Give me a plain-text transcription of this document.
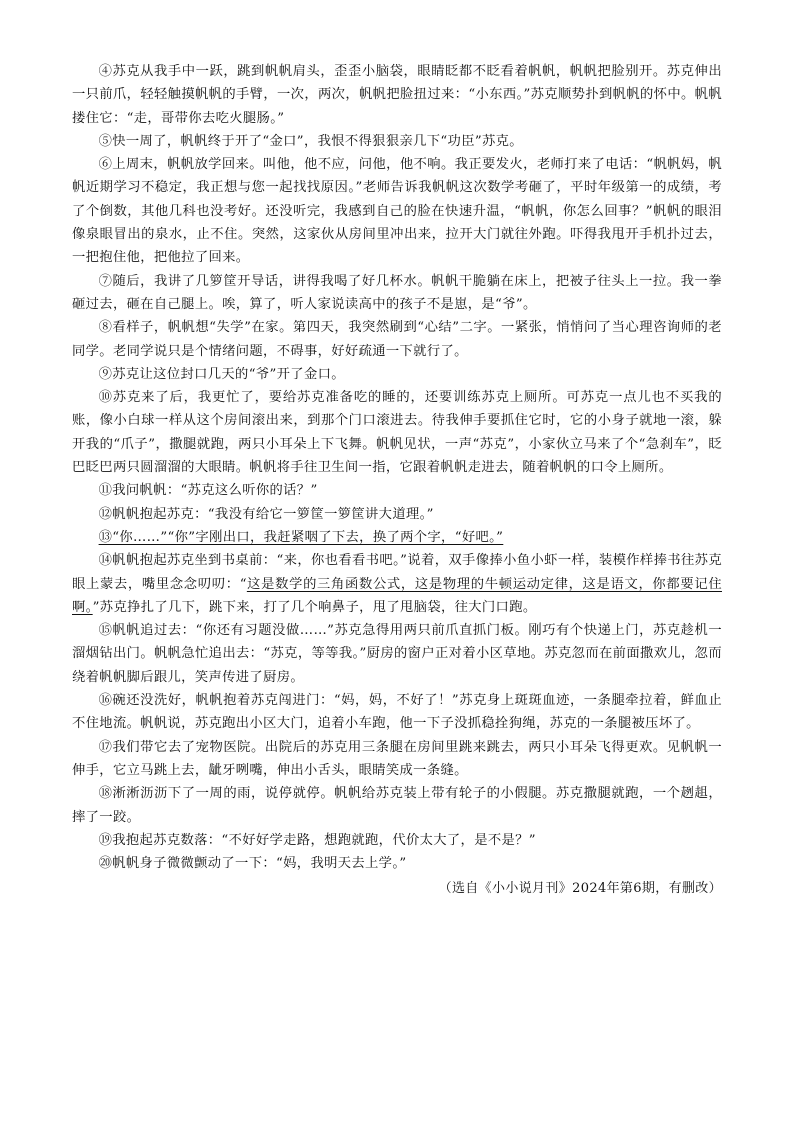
④苏克从我手中一跃，跳到帆帆肩头，歪歪小脑袋，眼睛眨都不眨看着帆帆，帆帆把脸别开。苏克伸出一只前爪，轻轻触摸帆帆的手臂，一次，两次，帆帆把脸扭过来：“小东西。”苏克顺势扑到帆帆的怀中。帆帆搂住它：“走，哥带你去吃火腿肠。”

⑤快一周了，帆帆终于开了“金口”，我恨不得狠狠亲几下“功臣”苏克。

⑥上周末，帆帆放学回来。叫他，他不应，问他，他不响。我正要发火，老师打来了电话：“帆帆妈，帆帆近期学习不稳定，我正想与您一起找找原因。”老师告诉我帆帆这次数学考砸了，平时年级第一的成绩，考了个倒数，其他几科也没考好。还没听完，我感到自己的脸在快速升温，“帆帆，你怎么回事？”帆帆的眼泪像泉眼冒出的泉水，止不住。突然，这家伙从房间里冲出来，拉开大门就往外跑。吓得我甩开手机扑过去，一把抱住他，把他拉了回来。

⑦随后，我讲了几箩筐开导话，讲得我喝了好几杯水。帆帆干脆躺在床上，把被子往头上一拉。我一拳砸过去，砸在自己腿上。唉，算了，听人家说读高中的孩子不是崽，是“爷”。

⑧看样子，帆帆想“失学”在家。第四天，我突然刷到“心结”二字。一紧张，悄悄问了当心理咨询师的老同学。老同学说只是个情绪问题，不碍事，好好疏通一下就行了。

⑨苏克让这位封口几天的“爷”开了金口。

⑩苏克来了后，我更忙了，要给苏克准备吃的睡的，还要训练苏克上厕所。可苏克一点儿也不买我的账，像小白球一样从这个房间滚出来，到那个门口滚进去。待我伸手要抓住它时，它的小身子就地一滚，躲开我的“爪子”，撒腿就跑，两只小耳朵上下飞舞。帆帆见状，一声“苏克”，小家伙立马来了个“急刹车”，眨巴眨巴两只圆溜溜的大眼睛。帆帆将手往卫生间一指，它跟着帆帆走进去，随着帆帆的口令上厕所。

⑪我问帆帆：“苏克这么听你的话？”

⑫帆帆抱起苏克：“我没有给它一箩筐一箩筐讲大道理。”

⑬“你……”“你”字刚出口，我赶紧咽了下去，换了两个字，“好吧。”

⑭帆帆抱起苏克坐到书桌前：“来，你也看看书吧。”说着，双手像捧小鱼小虾一样，装模作样捧书往苏克眼上蒙去，嘴里念念叨叨：“这是数学的三角函数公式，这是物理的牛顿运动定律，这是语文，你都要记住啊。”苏克挣扎了几下，跳下来，打了几个响鼻子，甩了甩脑袋，往大门口跑。

⑮帆帆追过去：“你还有习题没做……”苏克急得用两只前爪直抓门板。刚巧有个快递上门，苏克趁机一溜烟钻出门。帆帆急忙追出去：“苏克，等等我。”厨房的窗户正对着小区草地。苏克忽而在前面撒欢儿，忽而绕着帆帆脚后跟儿，笑声传进了厨房。

⑯碗还没洗好，帆帆抱着苏克闯进门：“妈，妈，不好了！”苏克身上斑斑血迹，一条腿牵拉着，鲜血止不住地流。帆帆说，苏克跑出小区大门，追着小车跑，他一下子没抓稳拴狗绳，苏克的一条腿被压坏了。

⑰我们带它去了宠物医院。出院后的苏克用三条腿在房间里跳来跳去，两只小耳朵飞得更欢。见帆帆一伸手，它立马跳上去，龇牙咧嘴，伸出小舌头，眼睛笑成一条缝。

⑱淅淅沥沥下了一周的雨，说停就停。帆帆给苏克装上带有轮子的小假腿。苏克撒腿就跑，一个趔趄，摔了一跤。

⑲我抱起苏克数落：“不好好学走路，想跑就跑，代价太大了，是不是？”

⑳帆帆身子微微颤动了一下：“妈，我明天去上学。”

（选自《小小说月刊》2024年第6期，有删改）
